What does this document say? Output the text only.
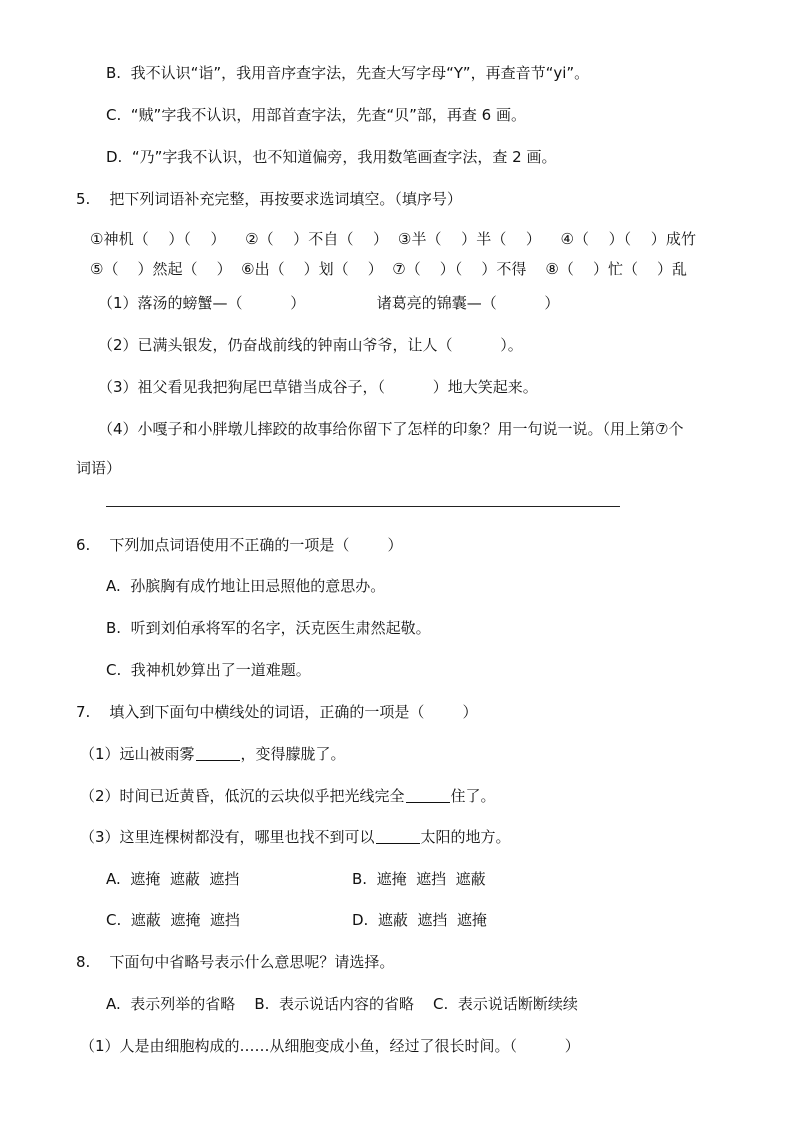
B.  我不认识“诣”，我用音序查字法，先查大写字母“Y”，再查音节“yi”。
C.  “贼”字我不认识，用部首查字法，先查“贝”部，再查 6 画。
D.  “乃”字我不认识，也不知道偏旁，我用数笔画查字法，查 2 画。
5.    把下列词语补充完整，再按要求选词填空。（填序号）
①神机（    ）（    ）    ②（    ）不自（    ）  ③半（    ）半（    ）    ④（    ）（    ）成竹
⑤（    ）然起（    ）  ⑥出（    ）划（    ）  ⑦（    ）（    ）不得    ⑧（    ）忙（    ）乱
（1）落汤的螃蟹—（          ）               诸葛亮的锦囊—（          ）
（2）已满头银发，仍奋战前线的钟南山爷爷，让人（          ）。
（3）祖父看见我把狗尾巴草错当成谷子，（          ）地大笑起来。
（4）小嘎子和小胖墩儿摔跤的故事给你留下了怎样的印象？用一句说一说。（用上第⑦个
词语）
6.    下列加点词语使用不正确的一项是（        ）
A.  孙膑胸有成竹地让田忌照他的意思办。
B.  听到刘伯承将军的名字，沃克医生肃然起敬。
C.  我神机妙算出了一道难题。
7.    填入到下面句中横线处的词语，正确的一项是（        ）
（1）远山被雨雾	，变得朦胧了。
（2）时间已近黄昏，低沉的云块似乎把光线完全	住了。
（3）这里连棵树都没有，哪里也找不到可以	太阳的地方。
A.  遮掩  遮蔽  遮挡	B.  遮掩  遮挡  遮蔽
C.  遮蔽  遮掩  遮挡	D.  遮蔽  遮挡  遮掩
8.    下面句中省略号表示什么意思呢？请选择。
A.  表示列举的省略    B.  表示说话内容的省略    C.  表示说话断断续续
（1）人是由细胞构成的……从细胞变成小鱼，经过了很长时间。（          ）
